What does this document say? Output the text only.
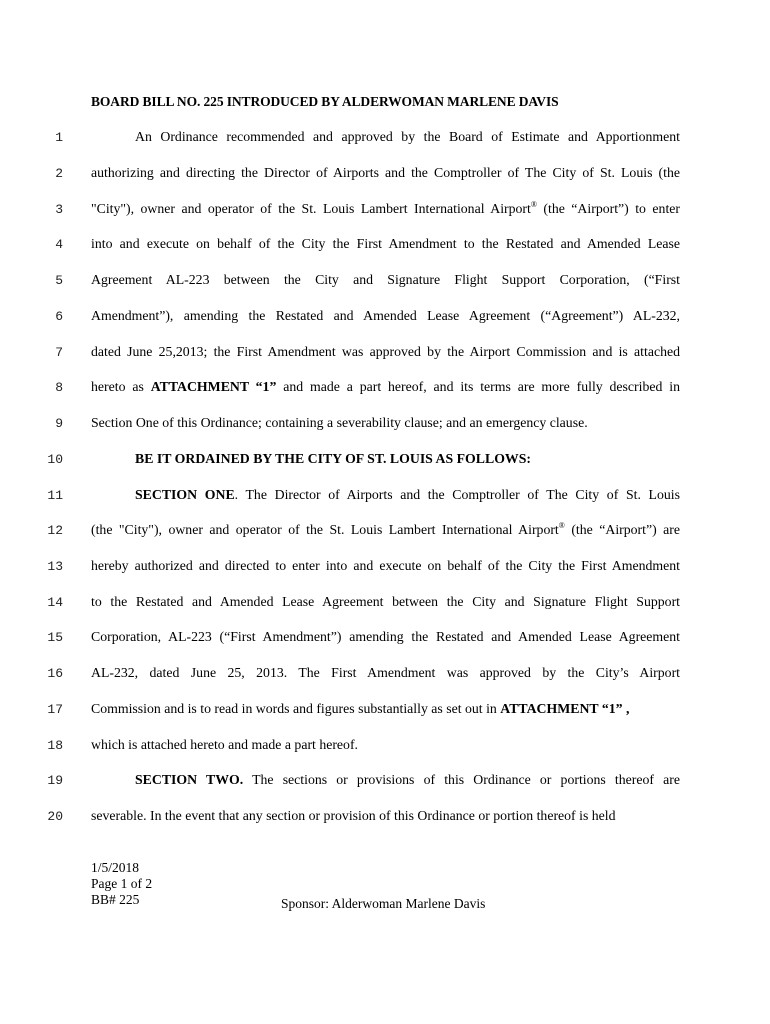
BOARD BILL NO. 225 INTRODUCED BY ALDERWOMAN MARLENE DAVIS
1	An Ordinance recommended and approved by the Board of Estimate and Apportionment
2 authorizing and directing the Director of Airports and the Comptroller of The City of St. Louis (the
3 "City"), owner and operator of the St. Louis Lambert International Airport® (the “Airport”) to enter
4 into and execute on behalf of the City the First Amendment to the Restated and Amended Lease
5 Agreement AL-223 between the City and Signature Flight Support Corporation, (“First
6 Amendment”), amending the Restated and Amended Lease Agreement (“Agreement”) AL-232,
7 dated June 25,2013; the First Amendment was approved by the Airport Commission and is attached
8 hereto as ATTACHMENT “1” and made a part hereof, and its terms are more fully described in
9 Section One of this Ordinance; containing a severability clause; and an emergency clause.
10	BE IT ORDAINED BY THE CITY OF ST. LOUIS AS FOLLOWS:
11	SECTION ONE. The Director of Airports and the Comptroller of The City of St. Louis
12 (the "City"), owner and operator of the St. Louis Lambert International Airport® (the “Airport”) are
13 hereby authorized and directed to enter into and execute on behalf of the City the First Amendment
14 to the Restated and Amended Lease Agreement between the City and Signature Flight Support
15 Corporation, AL-223 (“First Amendment”) amending the Restated and Amended Lease Agreement
16 AL-232, dated June 25, 2013. The First Amendment was approved by the City’s Airport
17 Commission and is to read in words and figures substantially as set out in ATTACHMENT “1” ,
18 which is attached hereto and made a part hereof.
19	SECTION TWO. The sections or provisions of this Ordinance or portions thereof are
20 severable. In the event that any section or provision of this Ordinance or portion thereof is held
1/5/2018
Page 1 of 2
BB# 225	Sponsor: Alderwoman Marlene Davis
